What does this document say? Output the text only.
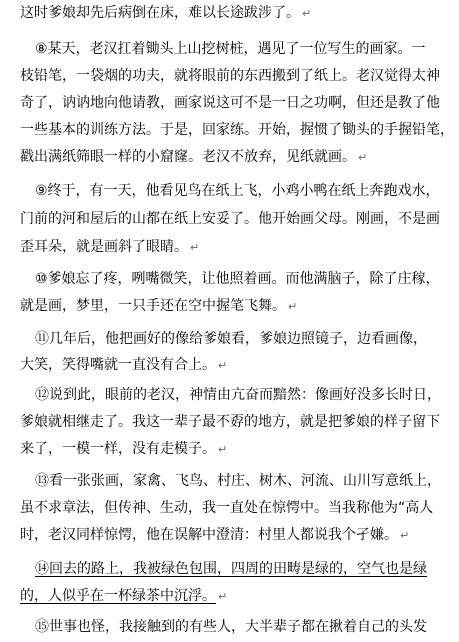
这时爹娘却先后病倒在床，难以长途跋涉了。 ↵
⑧某天，老汉扛着锄头上山挖树桩，遇见了一位写生的画家。一
枝铅笔，一袋烟的功夫，就将眼前的东西搬到了纸上。老汉觉得太神
奇了，讷讷地向他请教，画家说这可不是一日之功啊，但还是教了他
一些基本的训练方法。于是，回家练。开始，握惯了锄头的手握铅笔，
戳出满纸筛眼一样的小窟窿。老汉不放弃，见纸就画。 ↵
⑨终于，有一天，他看见鸟在纸上飞，小鸡小鸭在纸上奔跑戏水，
门前的河和屋后的山都在纸上安妥了。他开始画父母。刚画，不是画
歪耳朵，就是画斜了眼睛。 ↵
⑩爹娘忘了疼，咧嘴微笑，让他照着画。而他满脑子，除了庄稼，
就是画，梦里，一只手还在空中握笔飞舞。 ↵
⑪几年后，他把画好的像给爹娘看，爹娘边照镜子，边看画像，
大笑，笑得嘴就一直没有合上。 ↵
⑫说到此，眼前的老汉，神情由亢奋而黯然：像画好没多长时日，
爹娘就相继走了。我这一辈子最不孬的地方，就是把爹娘的样子留下
来了，一模一样，没有走模子。 ↵
⑬看一张张画，家禽、飞鸟、村庄、树木、河流、山川写意纸上，
虽不求章法，但传神、生动，我一直处在惊愕中。当我称他为“高人
时，老汉同样惊愕，他在误解中澄清：村里人都说我个孑嫌。 ↵
⑭回去的路上，我被绿色包围，四周的田畴是绿的，空气也是绿
的，人似乎在一杯绿茶中沉浮。 ↵
⑮世事也怪，我接触到的有些人，大半辈子都在揪着自己的头发
